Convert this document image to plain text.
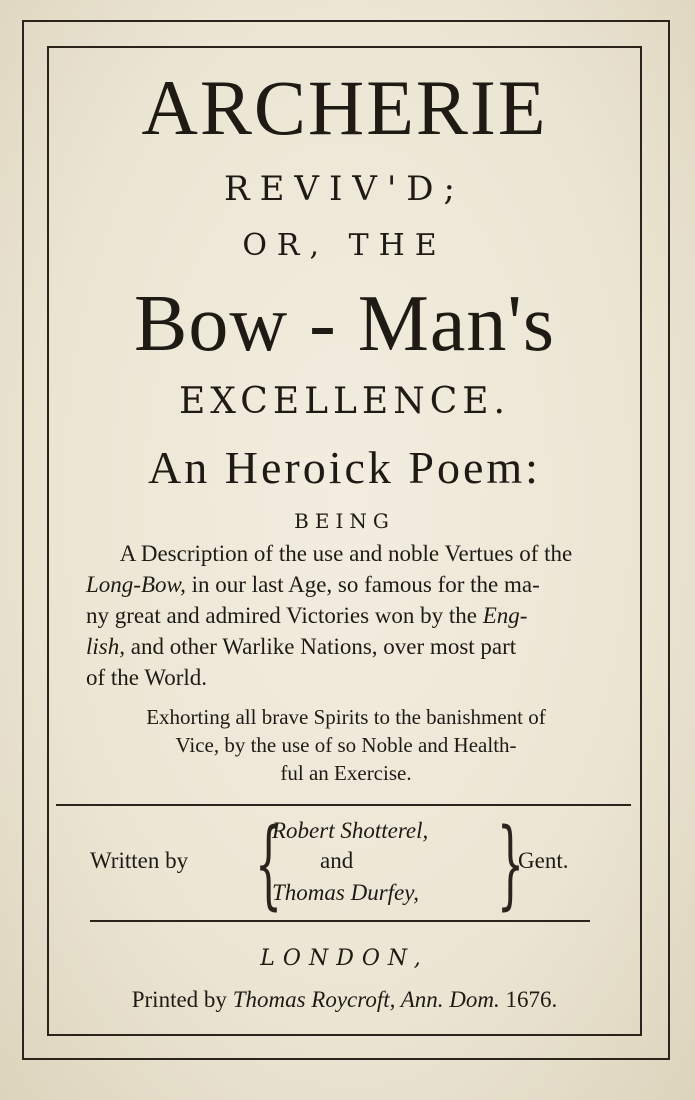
ARCHERIE
REVIV'D;
OR, THE
Bow - Man's
EXCELLENCE.
An Heroick Poem:
BEING
A Description of the use and noble Vertues of the
Long-Bow, in our last Age, so famous for the ma-
ny great and admired Victories won by the Eng-
lish, and other Warlike Nations, over most part
of the World.
Exhorting all brave Spirits to the banishment of
Vice, by the use of so Noble and Health-
ful an Exercise.
Written by {
Robert Shotterel,
and
Thomas Durfey, }
Gent.
LONDON,
Printed by Thomas Roycroft, Ann. Dom. 1676.
